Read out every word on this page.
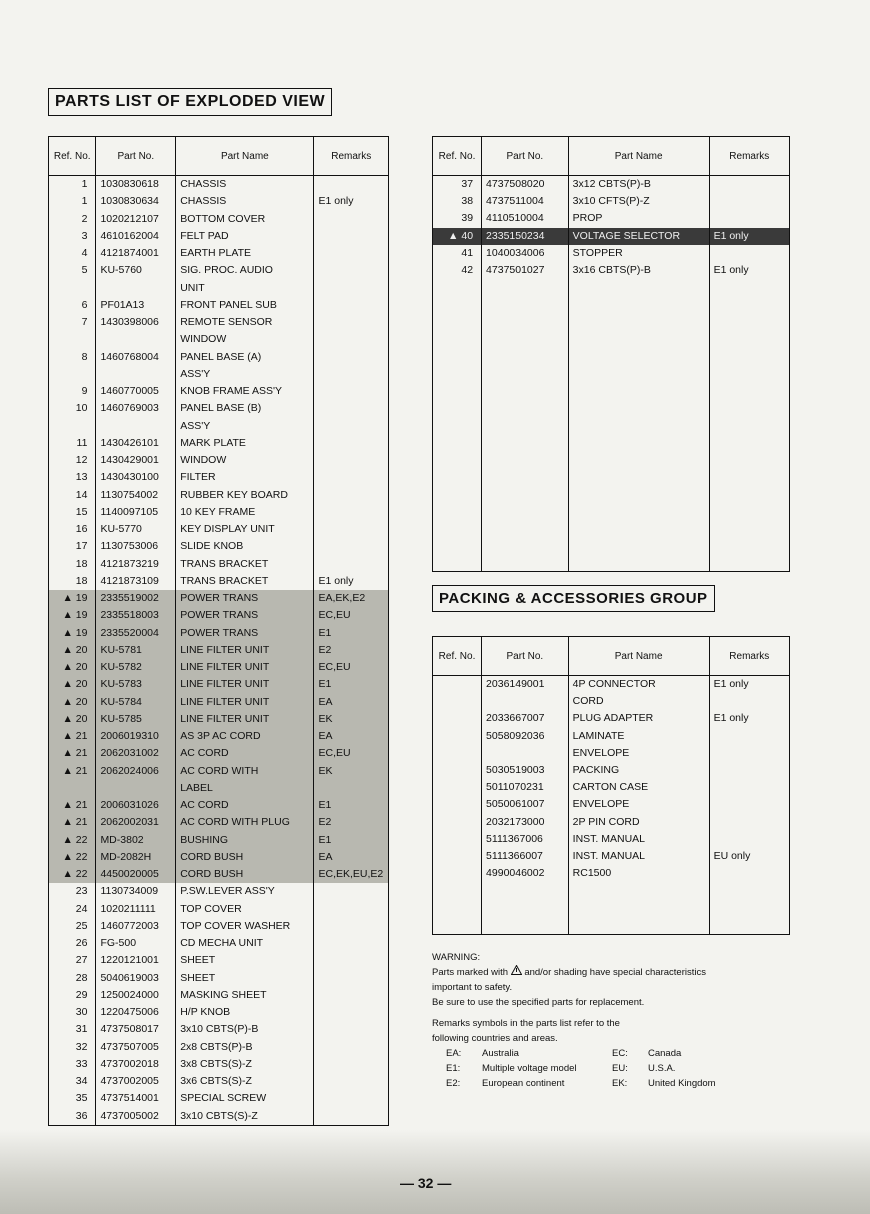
PARTS LIST OF EXPLODED VIEW
Ref. No.	Part No.	Part Name	Remarks
1	1030830618	CHASSIS	
1	1030830634	CHASSIS	E1 only
2	1020212107	BOTTOM COVER	
3	4610162004	FELT PAD	
4	4121874001	EARTH PLATE	
5	KU-5760	SIG. PROC. AUDIO	
		UNIT	
6	PF01A13	FRONT PANEL SUB	
7	1430398006	REMOTE SENSOR	
		WINDOW	
8	1460768004	PANEL BASE (A)	
		ASS'Y	
9	1460770005	KNOB FRAME ASS'Y	
10	1460769003	PANEL BASE (B)	
		ASS'Y	
11	1430426101	MARK PLATE	
12	1430429001	WINDOW	
13	1430430100	FILTER	
14	1130754002	RUBBER KEY BOARD	
15	1140097105	10 KEY FRAME	
16	KU-5770	KEY DISPLAY UNIT	
17	1130753006	SLIDE KNOB	
18	4121873219	TRANS BRACKET	
18	4121873109	TRANS BRACKET	E1 only
▲ 19	2335519002	POWER TRANS	EA,EK,E2
▲ 19	2335518003	POWER TRANS	EC,EU
▲ 19	2335520004	POWER TRANS	E1
▲ 20	KU-5781	LINE FILTER UNIT	E2
▲ 20	KU-5782	LINE FILTER UNIT	EC,EU
▲ 20	KU-5783	LINE FILTER UNIT	E1
▲ 20	KU-5784	LINE FILTER UNIT	EA
▲ 20	KU-5785	LINE FILTER UNIT	EK
▲ 21	2006019310	AS 3P AC CORD	EA
▲ 21	2062031002	AC CORD	EC,EU
▲ 21	2062024006	AC CORD WITH	EK
		LABEL	
▲ 21	2006031026	AC CORD	E1
▲ 21	2062002031	AC CORD WITH PLUG	E2
▲ 22	MD-3802	BUSHING	E1
▲ 22	MD-2082H	CORD BUSH	EA
▲ 22	4450020005	CORD BUSH	EC,EK,EU,E2
23	1130734009	P.SW.LEVER ASS'Y	
24	1020211111	TOP COVER	
25	1460772003	TOP COVER WASHER	
26	FG-500	CD MECHA UNIT	
27	1220121001	SHEET	
28	5040619003	SHEET	
29	1250024000	MASKING SHEET	
30	1220475006	H/P KNOB	
31	4737508017	3x10 CBTS(P)-B	
32	4737507005	2x8 CBTS(P)-B	
33	4737002018	3x8 CBTS(S)-Z	
34	4737002005	3x6 CBTS(S)-Z	
35	4737514001	SPECIAL SCREW	
36	4737005002	3x10 CBTS(S)-Z	
Ref. No.	Part No.	Part Name	Remarks
37	4737508020	3x12 CBTS(P)-B	
38	4737511004	3x10 CFTS(P)-Z	
39	4110510004	PROP	
▲ 40	2335150234	VOLTAGE SELECTOR	E1 only
41	1040034006	STOPPER	
42	4737501027	3x16 CBTS(P)-B	E1 only

PACKING & ACCESSORIES GROUP
Ref. No.	Part No.	Part Name	Remarks
	2036149001	4P CONNECTOR	E1 only
		CORD	
	2033667007	PLUG ADAPTER	E1 only
	5058092036	LAMINATE	
		ENVELOPE	
	5030519003	PACKING	
	5011070231	CARTON CASE	
	5050061007	ENVELOPE	
	2032173000	2P PIN CORD	
	5111367006	INST. MANUAL	
	5111366007	INST. MANUAL	EU only
	4990046002	RC1500	

WARNING:
Parts marked with and/or shading have special characteristics
important to safety.
Be sure to use the specified parts for replacement.
Remarks symbols in the parts list refer to the
following countries and areas.
EA:	Australia	EC:	Canada
E1:	Multiple voltage model	EU:	U.S.A.
E2:	European continent	EK:	United Kingdom
— 32 —
